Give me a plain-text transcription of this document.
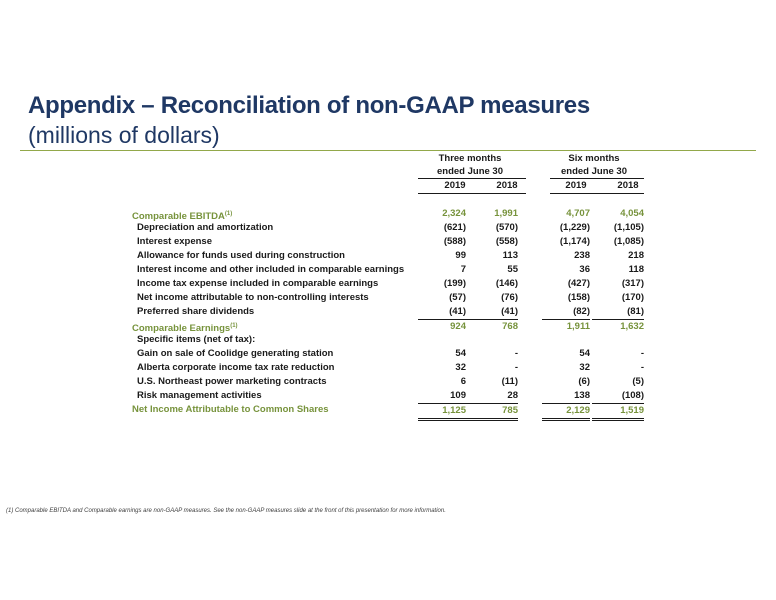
Appendix – Reconciliation of non-GAAP measures
(millions of dollars)
Three months
ended June 30
Six months
ended June 30
2019	2018	2019	2018
Comparable EBITDA$^{(1)}$	2,324	1,991	4,707	4,054
Depreciation and amortization	(621)	(570)	(1,229)	(1,105)
Interest expense	(588)	(558)	(1,174)	(1,085)
Allowance for funds used during construction	99	113	238	218
Interest income and other included in comparable earnings	7	55	36	118
Income tax expense included in comparable earnings	(199)	(146)	(427)	(317)
Net income attributable to non-controlling interests	(57)	(76)	(158)	(170)
Preferred share dividends	(41)	(41)	(82)	(81)
Comparable Earnings$^{(1)}$	924	768	1,911	1,632
Specific items (net of tax):
Gain on sale of Coolidge generating station	54	-	54	-
Alberta corporate income tax rate reduction	32	-	32	-
U.S. Northeast power marketing contracts	6	(11)	(6)	(5)
Risk management activities	109	28	138	(108)
Net Income Attributable to Common Shares	1,125	785	2,129	1,519
(1) Comparable EBITDA and Comparable earnings are non-GAAP measures. See the non-GAAP measures slide at the front of this presentation for more information.
